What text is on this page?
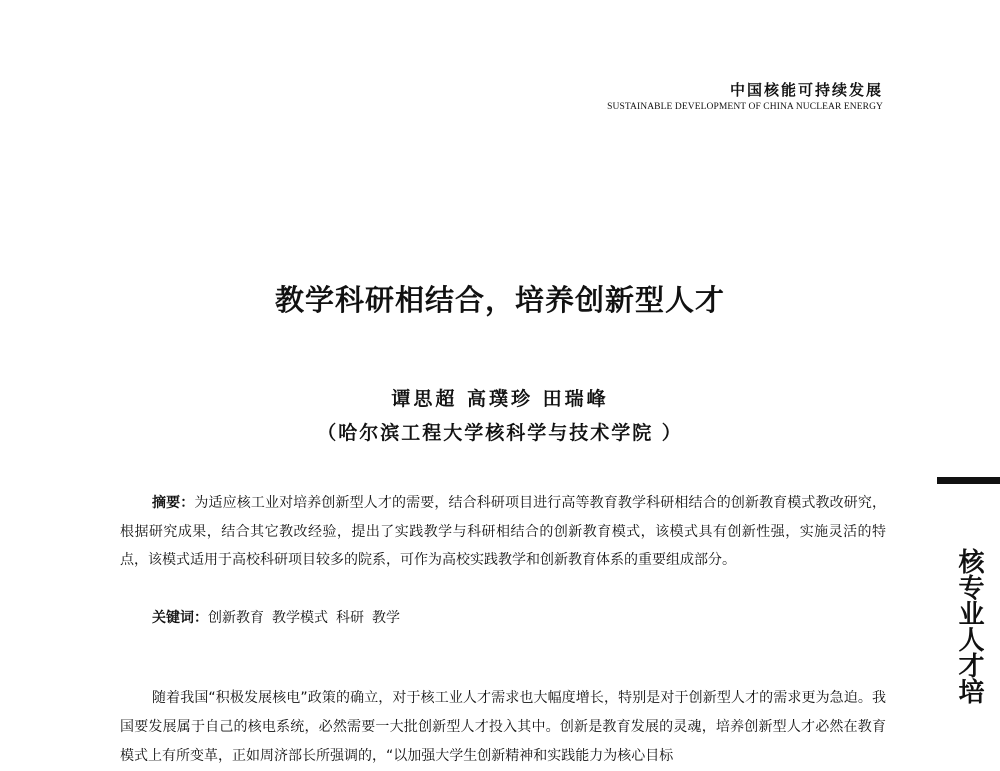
中国核能可持续发展
SUSTAINABLE DEVELOPMENT OF CHINA NUCLEAR ENERGY
教学科研相结合，培养创新型人才
谭思超 高璞珍 田瑞峰
（哈尔滨工程大学核科学与技术学院 ）
摘要：为适应核工业对培养创新型人才的需要，结合科研项目进行高等教育教学科研相结合的创新教育模式教改研究，根据研究成果，结合其它教改经验，提出了实践教学与科研相结合的创新教育模式，该模式具有创新性强，实施灵活的特点，该模式适用于高校科研项目较多的院系，可作为高校实践教学和创新教育体系的重要组成部分。
关键词：创新教育 教学模式 科研 教学
随着我国“积极发展核电”政策的确立，对于核工业人才需求也大幅度增长，特别是对于创新型人才的需求更为急迫。我国要发展属于自己的核电系统，必然需要一大批创新型人才投入其中。创新是教育发展的灵魂，培养创新型人才必然在教育模式上有所变革，正如周济部长所强调的，“以加强大学生创新精神和实践能力为核心目标
核专业人才培
